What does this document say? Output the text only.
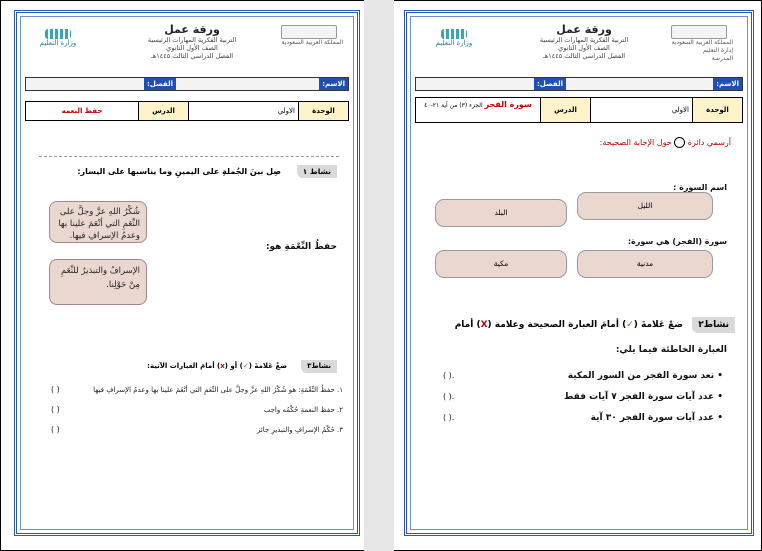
المملكة العربية السعودية
وزارة التعليم
ورقة عمل
التربية الفكرية المهارات الرئيسية
الصف الأول الثانوي
الفصل الدراسي الثالث ١٤٤٥هـ
الاسم:
الفصل:
الوحدة
الاولي
الدرس
حفظ النعمه
نشاط ١
صِل بينَ الجُملةِ على اليمينِ وما يناسبها على اليسار:
شُكْرُ اللهِ عزَّ وجلَّ على النِّعَمِ التي أنْعَمَ علينا بها وعدمُ الإسرافِ فيها.
الإسرافُ والتبذيرُ للنِّعَمِ مِنْ حَوْلِنا.
حفظُ النِّعْمَةِ هو:
نشاط٣
ضعْ عَلامةَ (✓) أو (x) أمامَ العبارات الآتية:
١. حفظُ النِّعْمَةِ: هو شُكْرُ اللهِ عزَّ وجلَّ على النِّعَمِ التي أنْعَمَ علينا بها وعدمُ الإسرافِ فيها
( )
٢. حفظ النعمةِ حُكْمُه واجب
( )
٣. حُكْمُ الإسرافِ والتبذيرِ جائز
( )
المملكة العربية السعودية
إدارة التعليم
المدرسة
وزارة التعليم
ورقة عمل
التربية الفكرية المهارات الرئيسية
الصف الأول الثانوي
الفصل الدراسي الثالث ١٤٤٥هـ
الاسم:
الفصل:
الوحدة
الاولي
الدرس
سورة الفجر الجزء (٣) من آية ٢١-٤٠
أرسمي دائرة  حول الإجابة الصحيحة:
اسم السورة :
الليل
البلد
سورة (الفجر) هي سورة:
مدنية
مكية
نشاط٢
ضعْ عَلامةَ (✓) أمامَ العبارة الصحيحة وعلامة (X) أمام
العبارة الخاطئة فيما يلي:
• تعد سورة الفجر من السور المكية
( ).
• عدد آيات سورة الفجر ٧ آيات فقط
( ).
• عدد آيات سورة الفجر ٣٠ آية
( ).
